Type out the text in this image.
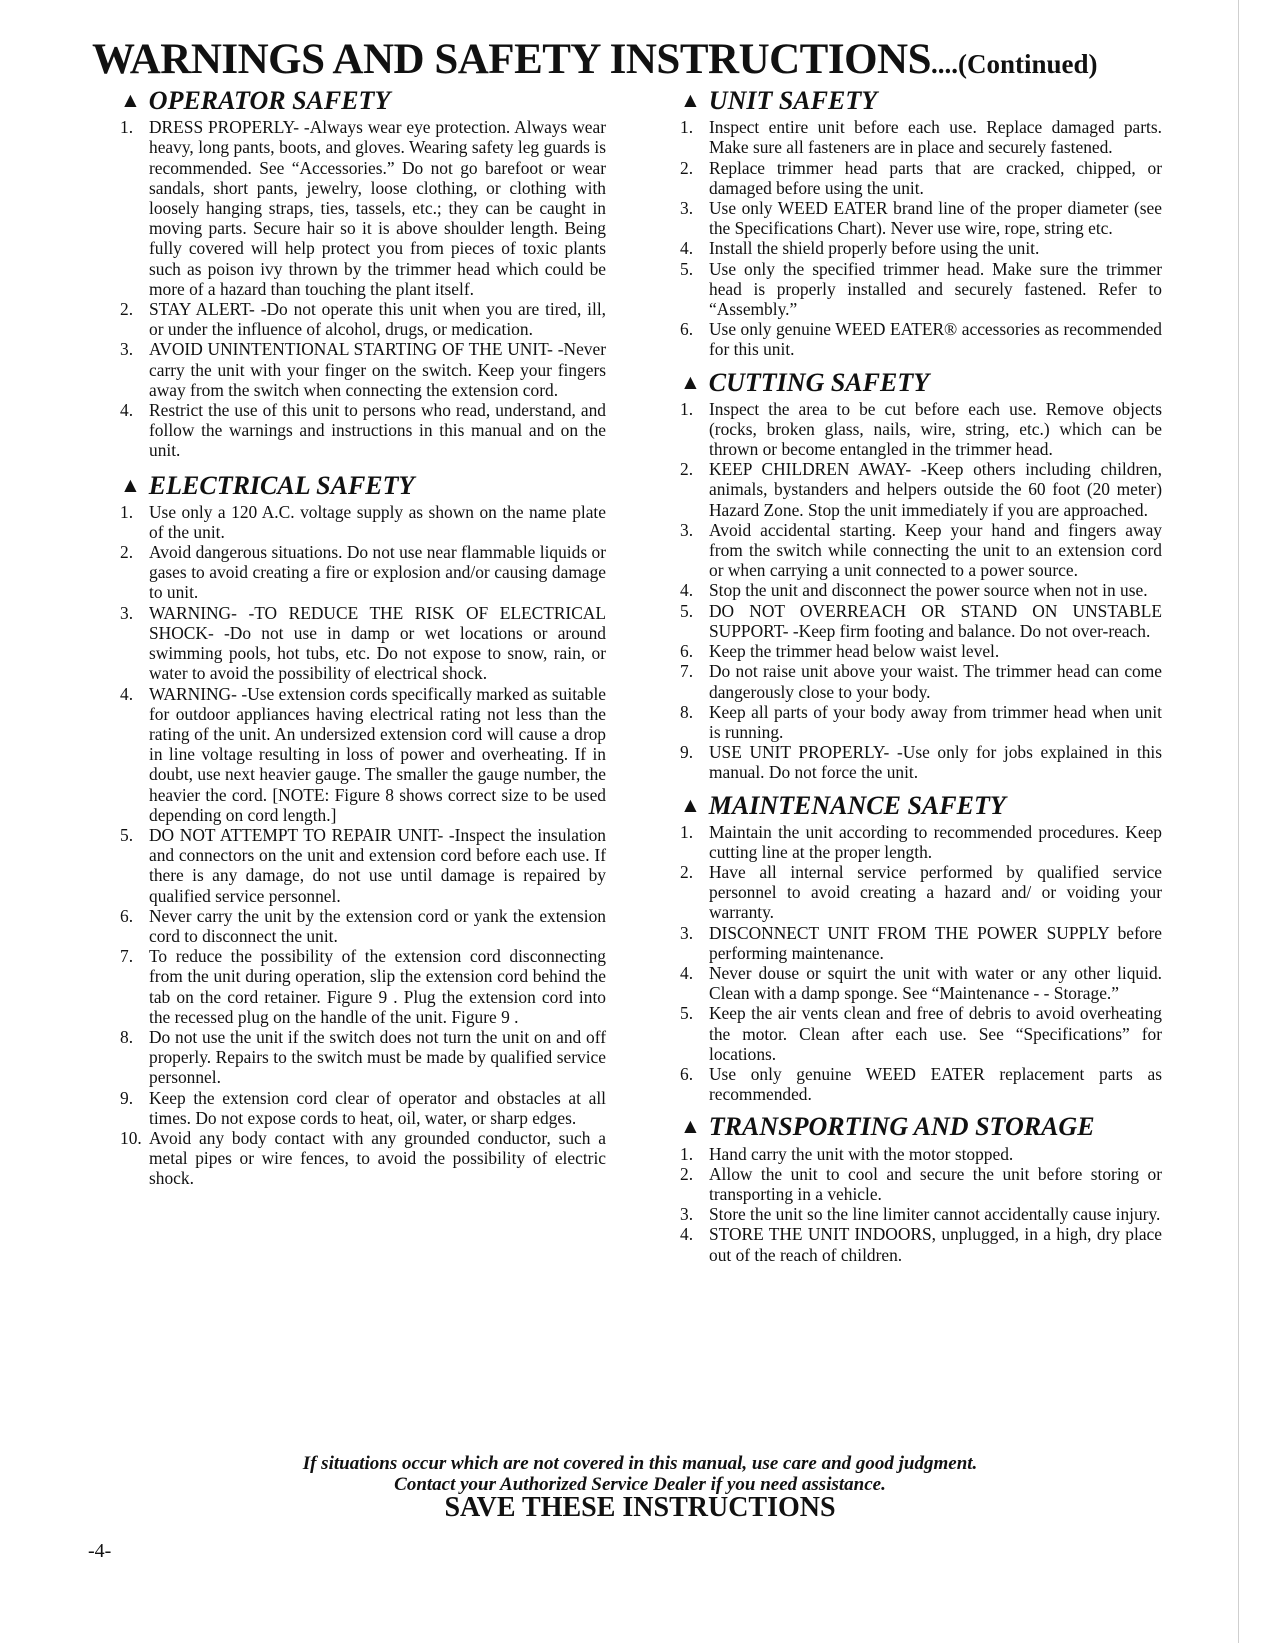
WARNINGS AND SAFETY INSTRUCTIONS....(Continued)
▲ OPERATOR SAFETY
1. DRESS PROPERLY- -Always wear eye protection. Always wear heavy, long pants, boots, and gloves. Wearing safety leg guards is recommended. See “Accessories.” Do not go barefoot or wear sandals, short pants, jewelry, loose clothing, or clothing with loosely hanging straps, ties, tassels, etc.; they can be caught in moving parts. Secure hair so it is above shoulder length. Being fully covered will help protect you from pieces of toxic plants such as poison ivy thrown by the trimmer head which could be more of a hazard than touching the plant itself.
2. STAY ALERT- -Do not operate this unit when you are tired, ill, or under the influence of alcohol, drugs, or medication.
3. AVOID UNINTENTIONAL STARTING OF THE UNIT- -Never carry the unit with your finger on the switch. Keep your fingers away from the switch when connecting the extension cord.
4. Restrict the use of this unit to persons who read, understand, and follow the warnings and instructions in this manual and on the unit.
▲ ELECTRICAL SAFETY
1. Use only a 120 A.C. voltage supply as shown on the name plate of the unit.
2. Avoid dangerous situations. Do not use near flammable liquids or gases to avoid creating a fire or explosion and/or causing damage to unit.
3. WARNING- -TO REDUCE THE RISK OF ELECTRICAL SHOCK- -Do not use in damp or wet locations or around swimming pools, hot tubs, etc. Do not expose to snow, rain, or water to avoid the possibility of electrical shock.
4. WARNING- -Use extension cords specifically marked as suitable for outdoor appliances having electrical rating not less than the rating of the unit. An undersized extension cord will cause a drop in line voltage resulting in loss of power and overheating. If in doubt, use next heavier gauge. The smaller the gauge number, the heavier the cord. [NOTE: Figure 8 shows correct size to be used depending on cord length.]
5. DO NOT ATTEMPT TO REPAIR UNIT- -Inspect the insulation and connectors on the unit and extension cord before each use. If there is any damage, do not use until damage is repaired by qualified service personnel.
6. Never carry the unit by the extension cord or yank the extension cord to disconnect the unit.
7. To reduce the possibility of the extension cord disconnecting from the unit during operation, slip the extension cord behind the tab on the cord retainer. Figure 9 . Plug the extension cord into the recessed plug on the handle of the unit. Figure 9 .
8. Do not use the unit if the switch does not turn the unit on and off properly. Repairs to the switch must be made by qualified service personnel.
9. Keep the extension cord clear of operator and obstacles at all times. Do not expose cords to heat, oil, water, or sharp edges.
10. Avoid any body contact with any grounded conductor, such a metal pipes or wire fences, to avoid the possibility of electric shock.
▲ UNIT SAFETY
1. Inspect entire unit before each use. Replace damaged parts. Make sure all fasteners are in place and securely fastened.
2. Replace trimmer head parts that are cracked, chipped, or damaged before using the unit.
3. Use only WEED EATER brand line of the proper diameter (see the Specifications Chart). Never use wire, rope, string etc.
4. Install the shield properly before using the unit.
5. Use only the specified trimmer head. Make sure the trimmer head is properly installed and securely fastened. Refer to “Assembly.”
6. Use only genuine WEED EATER® accessories as recommended for this unit.
▲ CUTTING SAFETY
1. Inspect the area to be cut before each use. Remove objects (rocks, broken glass, nails, wire, string, etc.) which can be thrown or become entangled in the trimmer head.
2. KEEP CHILDREN AWAY- -Keep others including children, animals, bystanders and helpers outside the 60 foot (20 meter) Hazard Zone. Stop the unit immediately if you are approached.
3. Avoid accidental starting. Keep your hand and fingers away from the switch while connecting the unit to an extension cord or when carrying a unit connected to a power source.
4. Stop the unit and disconnect the power source when not in use.
5. DO NOT OVERREACH OR STAND ON UNSTABLE SUPPORT- -Keep firm footing and balance. Do not over-reach.
6. Keep the trimmer head below waist level.
7. Do not raise unit above your waist. The trimmer head can come dangerously close to your body.
8. Keep all parts of your body away from trimmer head when unit is running.
9. USE UNIT PROPERLY- -Use only for jobs explained in this manual. Do not force the unit.
▲ MAINTENANCE SAFETY
1. Maintain the unit according to recommended procedures. Keep cutting line at the proper length.
2. Have all internal service performed by qualified service personnel to avoid creating a hazard and/ or voiding your warranty.
3. DISCONNECT UNIT FROM THE POWER SUPPLY before performing maintenance.
4. Never douse or squirt the unit with water or any other liquid. Clean with a damp sponge. See “Maintenance - - Storage.”
5. Keep the air vents clean and free of debris to avoid overheating the motor. Clean after each use. See “Specifications” for locations.
6. Use only genuine WEED EATER replacement parts as recommended.
▲ TRANSPORTING AND STORAGE
1. Hand carry the unit with the motor stopped.
2. Allow the unit to cool and secure the unit before storing or transporting in a vehicle.
3. Store the unit so the line limiter cannot accidentally cause injury.
4. STORE THE UNIT INDOORS, unplugged, in a high, dry place out of the reach of children.
If situations occur which are not covered in this manual, use care and good judgment.
Contact your Authorized Service Dealer if you need assistance.
SAVE THESE INSTRUCTIONS
-4-
